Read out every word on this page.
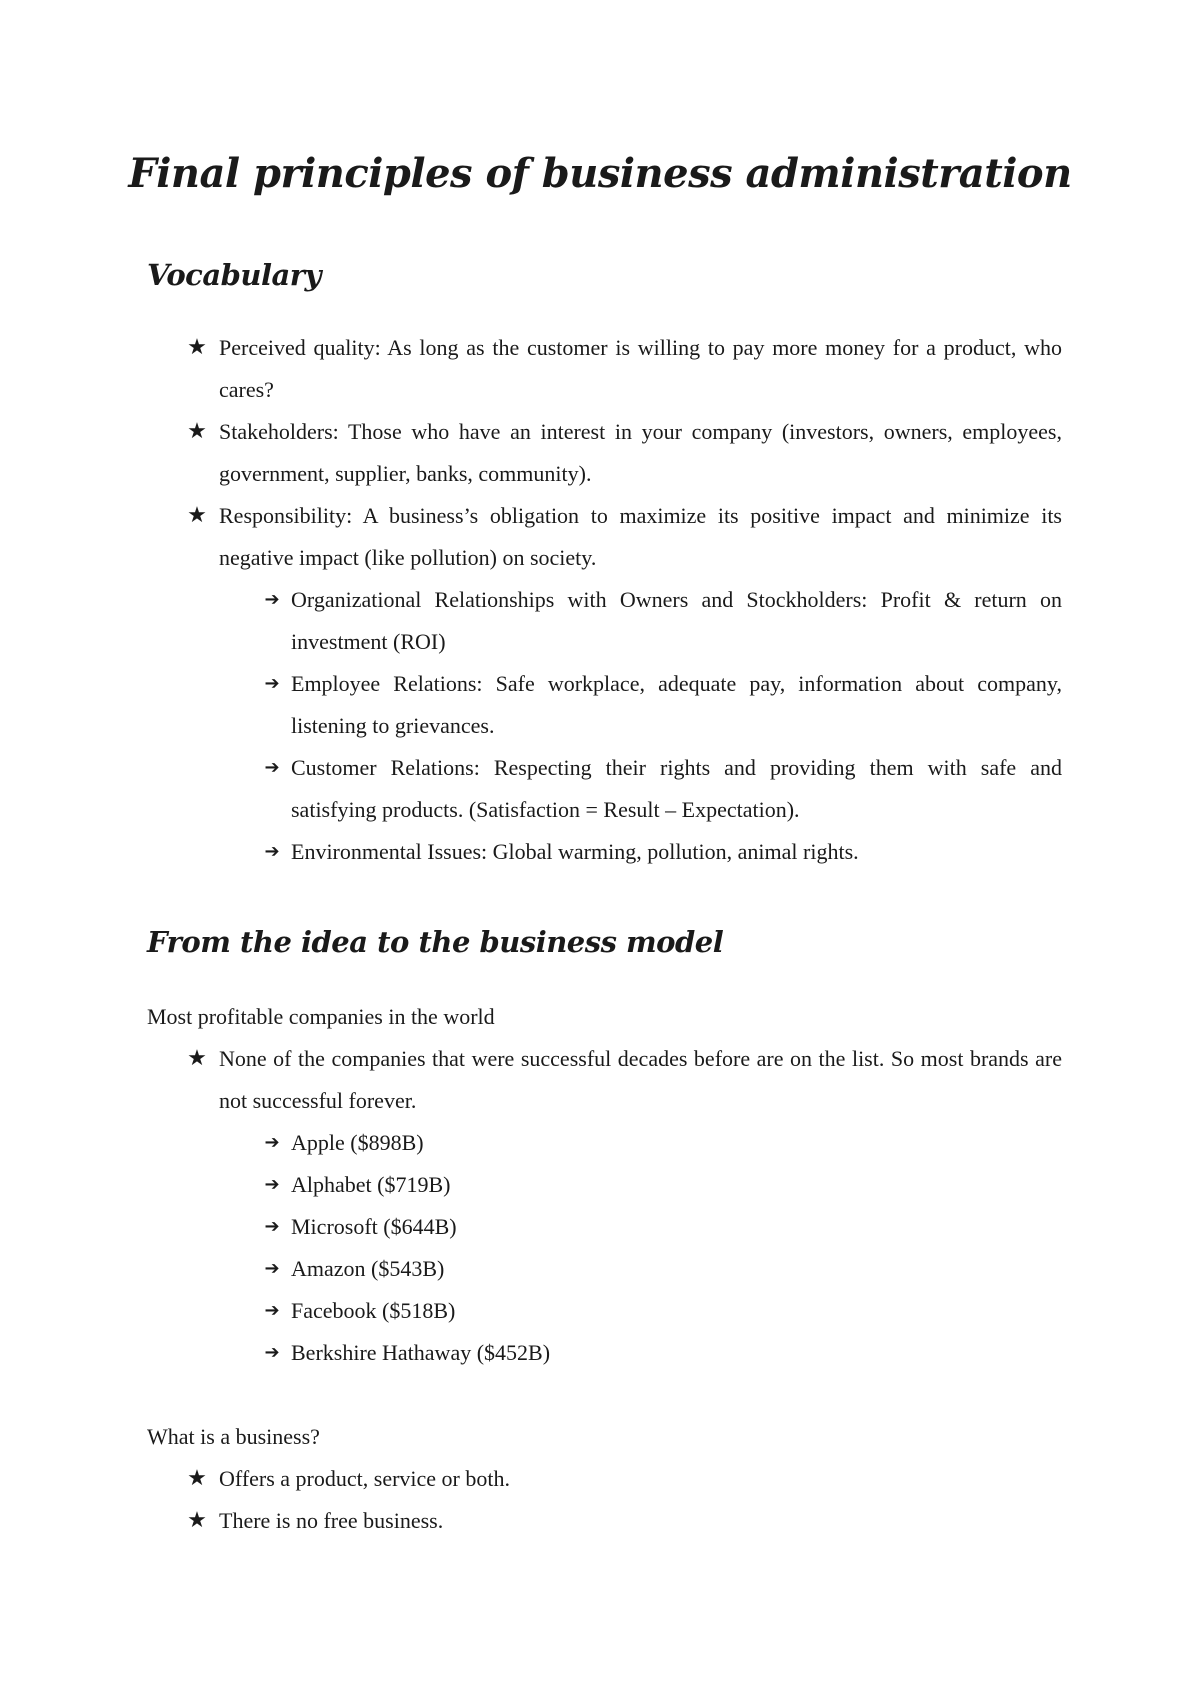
Final principles of business administration
Vocabulary
★ Perceived quality: As long as the customer is willing to pay more money for a product, who cares?
★ Stakeholders: Those who have an interest in your company (investors, owners, employees, government, supplier, banks, community).
★ Responsibility: A business’s obligation to maximize its positive impact and minimize its negative impact (like pollution) on society.
➔ Organizational Relationships with Owners and Stockholders: Profit & return on investment (ROI)
➔ Employee Relations: Safe workplace, adequate pay, information about company, listening to grievances.
➔ Customer Relations: Respecting their rights and providing them with safe and satisfying products. (Satisfaction = Result – Expectation).
➔ Environmental Issues: Global warming, pollution, animal rights.
From the idea to the business model

Most profitable companies in the world

★ None of the companies that were successful decades before are on the list. So most brands are not successful forever.
➔ Apple ($898B)
➔ Alphabet ($719B)
➔ Microsoft ($644B)
➔ Amazon ($543B)
➔ Facebook ($518B)
➔ Berkshire Hathaway ($452B)

What is a business?

★ Offers a product, service or both.
★ There is no free business.
